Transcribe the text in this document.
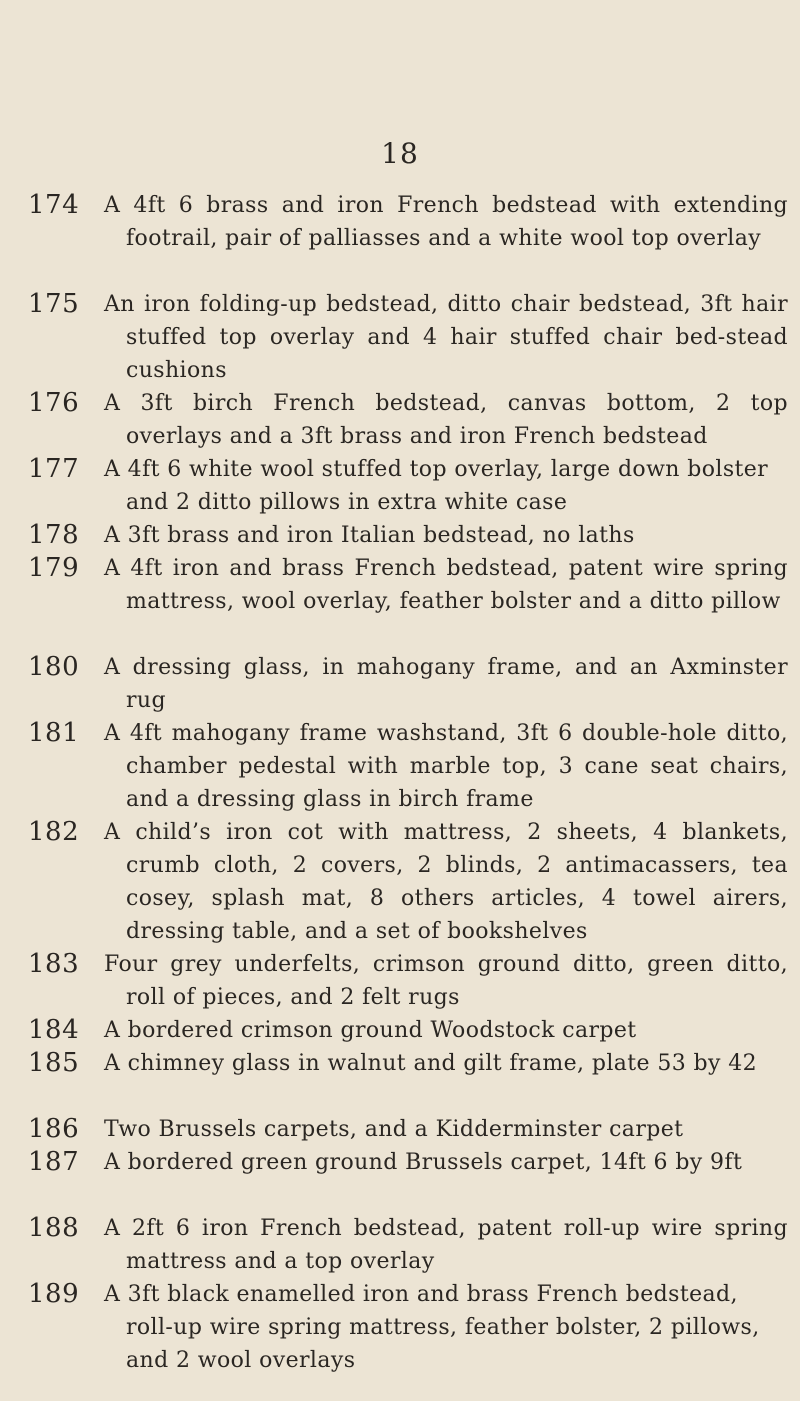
18
174	A 4ft 6 brass and iron French bedstead with extending footrail, pair of palliasses and a white wool top overlay
175	An iron folding-up bedstead, ditto chair bedstead, 3ft hair stuffed top overlay and 4 hair stuffed chair bed-stead cushions
176	A 3ft birch French bedstead, canvas bottom, 2 top overlays and a 3ft brass and iron French bedstead
177	A 4ft 6 white wool stuffed top overlay, large down bolster and 2 ditto pillows in extra white case
178	A 3ft brass and iron Italian bedstead, no laths
179	A 4ft iron and brass French bedstead, patent wire spring mattress, wool overlay, feather bolster and a ditto pillow
180	A dressing glass, in mahogany frame, and an Axminster rug
181	A 4ft mahogany frame washstand, 3ft 6 double-hole ditto, chamber pedestal with marble top, 3 cane seat chairs, and a dressing glass in birch frame
182	A child’s iron cot with mattress, 2 sheets, 4 blankets, crumb cloth, 2 covers, 2 blinds, 2 antimacassers, tea cosey, splash mat, 8 others articles, 4 towel airers, dressing table, and a set of bookshelves
183	Four grey underfelts, crimson ground ditto, green ditto, roll of pieces, and 2 felt rugs
184	A bordered crimson ground Woodstock carpet
185	A chimney glass in walnut and gilt frame, plate 53 by 42
186	Two Brussels carpets, and a Kidderminster carpet
187	A bordered green ground Brussels carpet, 14ft 6 by 9ft
188	A 2ft 6 iron French bedstead, patent roll-up wire spring mattress and a top overlay
189	A 3ft black enamelled iron and brass French bedstead, roll-up wire spring mattress, feather bolster, 2 pillows, and 2 wool overlays
